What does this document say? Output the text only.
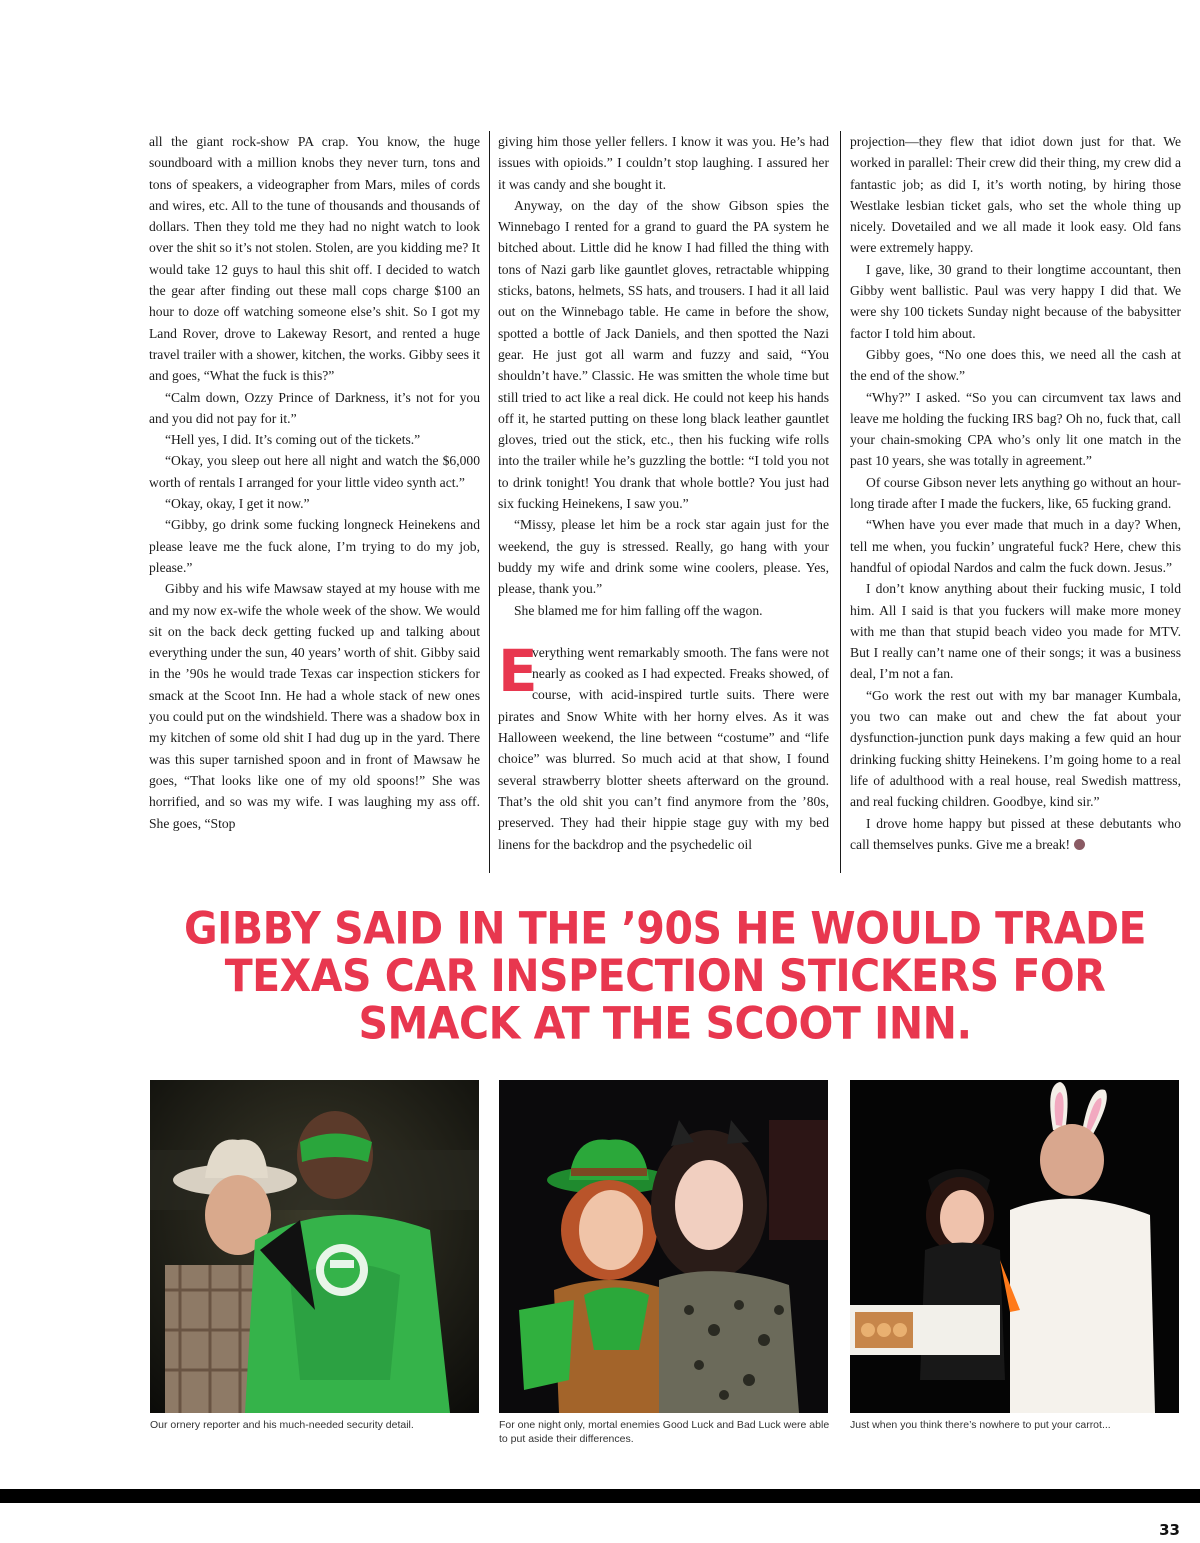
all the giant rock-show PA crap. You know, the huge soundboard with a million knobs they never turn, tons and tons of speakers, a videographer from Mars, miles of cords and wires, etc. All to the tune of thousands and thousands of dollars. Then they told me they had no night watch to look over the shit so it’s not stolen. Stolen, are you kidding me? It would take 12 guys to haul this shit off. I decided to watch the gear after finding out these mall cops charge $100 an hour to doze off watching someone else’s shit. So I got my Land Rover, drove to Lakeway Resort, and rented a huge travel trailer with a shower, kitchen, the works. Gibby sees it and goes, “What the fuck is this?”

“Calm down, Ozzy Prince of Darkness, it’s not for you and you did not pay for it.”

“Hell yes, I did. It’s coming out of the tickets.”

“Okay, you sleep out here all night and watch the $6,000 worth of rentals I arranged for your little video synth act.”

“Okay, okay, I get it now.”

“Gibby, go drink some fucking longneck Heinekens and please leave me the fuck alone, I’m trying to do my job, please.”

Gibby and his wife Mawsaw stayed at my house with me and my now ex-wife the whole week of the show. We would sit on the back deck getting fucked up and talking about everything under the sun, 40 years’ worth of shit. Gibby said in the ’90s he would trade Texas car inspection stickers for smack at the Scoot Inn. He had a whole stack of new ones you could put on the windshield. There was a shadow box in my kitchen of some old shit I had dug up in the yard. There was this super tarnished spoon and in front of Mawsaw he goes, “That looks like one of my old spoons!” She was horrified, and so was my wife. I was laughing my ass off. She goes, “Stop

giving him those yeller fellers. I know it was you. He’s had issues with opioids.” I couldn’t stop laughing. I assured her it was candy and she bought it.

Anyway, on the day of the show Gibson spies the Winnebago I rented for a grand to guard the PA system he bitched about. Little did he know I had filled the thing with tons of Nazi garb like gauntlet gloves, retractable whipping sticks, batons, helmets, SS hats, and trousers. I had it all laid out on the Winnebago table. He came in before the show, spotted a bottle of Jack Daniels, and then spotted the Nazi gear. He just got all warm and fuzzy and said, “You shouldn’t have.” Classic. He was smitten the whole time but still tried to act like a real dick. He could not keep his hands off it, he started putting on these long black leather gauntlet gloves, tried out the stick, etc., then his fucking wife rolls into the trailer while he’s guzzling the bottle: “I told you not to drink tonight! You drank that whole bottle? You just had six fucking Heinekens, I saw you.”

“Missy, please let him be a rock star again just for the weekend, the guy is stressed. Really, go hang with your buddy my wife and drink some wine coolers, please. Yes, please, thank you.”

She blamed me for him falling off the wagon.

E
verything went remarkably smooth. The fans were not nearly as cooked as I had expected. Freaks showed, of course, with acid-inspired turtle suits. There were pirates and Snow White with her horny elves. As it was Halloween weekend, the line between “costume” and “life choice” was blurred. So much acid at that show, I found several strawberry blotter sheets afterward on the ground. That’s the old shit you can’t find anymore from the ’80s, preserved. They had their hippie stage guy with my bed linens for the backdrop and the psychedelic oil

projection—they flew that idiot down just for that. We worked in parallel: Their crew did their thing, my crew did a fantastic job; as did I, it’s worth noting, by hiring those Westlake lesbian ticket gals, who set the whole thing up nicely. Dovetailed and we all made it look easy. Old fans were extremely happy.

I gave, like, 30 grand to their longtime accountant, then Gibby went ballistic. Paul was very happy I did that. We were shy 100 tickets Sunday night because of the babysitter factor I told him about.

Gibby goes, “No one does this, we need all the cash at the end of the show.”

“Why?” I asked. “So you can circumvent tax laws and leave me holding the fucking IRS bag? Oh no, fuck that, call your chain-smoking CPA who’s only lit one match in the past 10 years, she was totally in agreement.”

Of course Gibson never lets anything go without an hour-long tirade after I made the fuckers, like, 65 fucking grand.

“When have you ever made that much in a day? When, tell me when, you fuckin’ ungrateful fuck? Here, chew this handful of opiodal Nardos and calm the fuck down. Jesus.”

I don’t know anything about their fucking music, I told him. All I said is that you fuckers will make more money with me than that stupid beach video you made for MTV. But I really can’t name one of their songs; it was a business deal, I’m not a fan.

“Go work the rest out with my bar manager Kumbala, you two can make out and chew the fat about your dysfunction-junction punk days making a few quid an hour drinking fucking shitty Heinekens. I’m going home to a real life of adulthood with a real house, real Swedish mattress, and real fucking children. Goodbye, kind sir.”

I drove home happy but pissed at these debutants who call themselves punks. Give me a break!

GIBBY SAID IN THE ’90S HE WOULD TRADE TEXAS CAR INSPECTION STICKERS FOR SMACK AT THE SCOOT INN.
Our ornery reporter and his much-needed security detail.	For one night only, mortal enemies Good Luck and Bad Luck were able to put aside their differences.
Just when you think there’s nowhere to put your carrot...
33
